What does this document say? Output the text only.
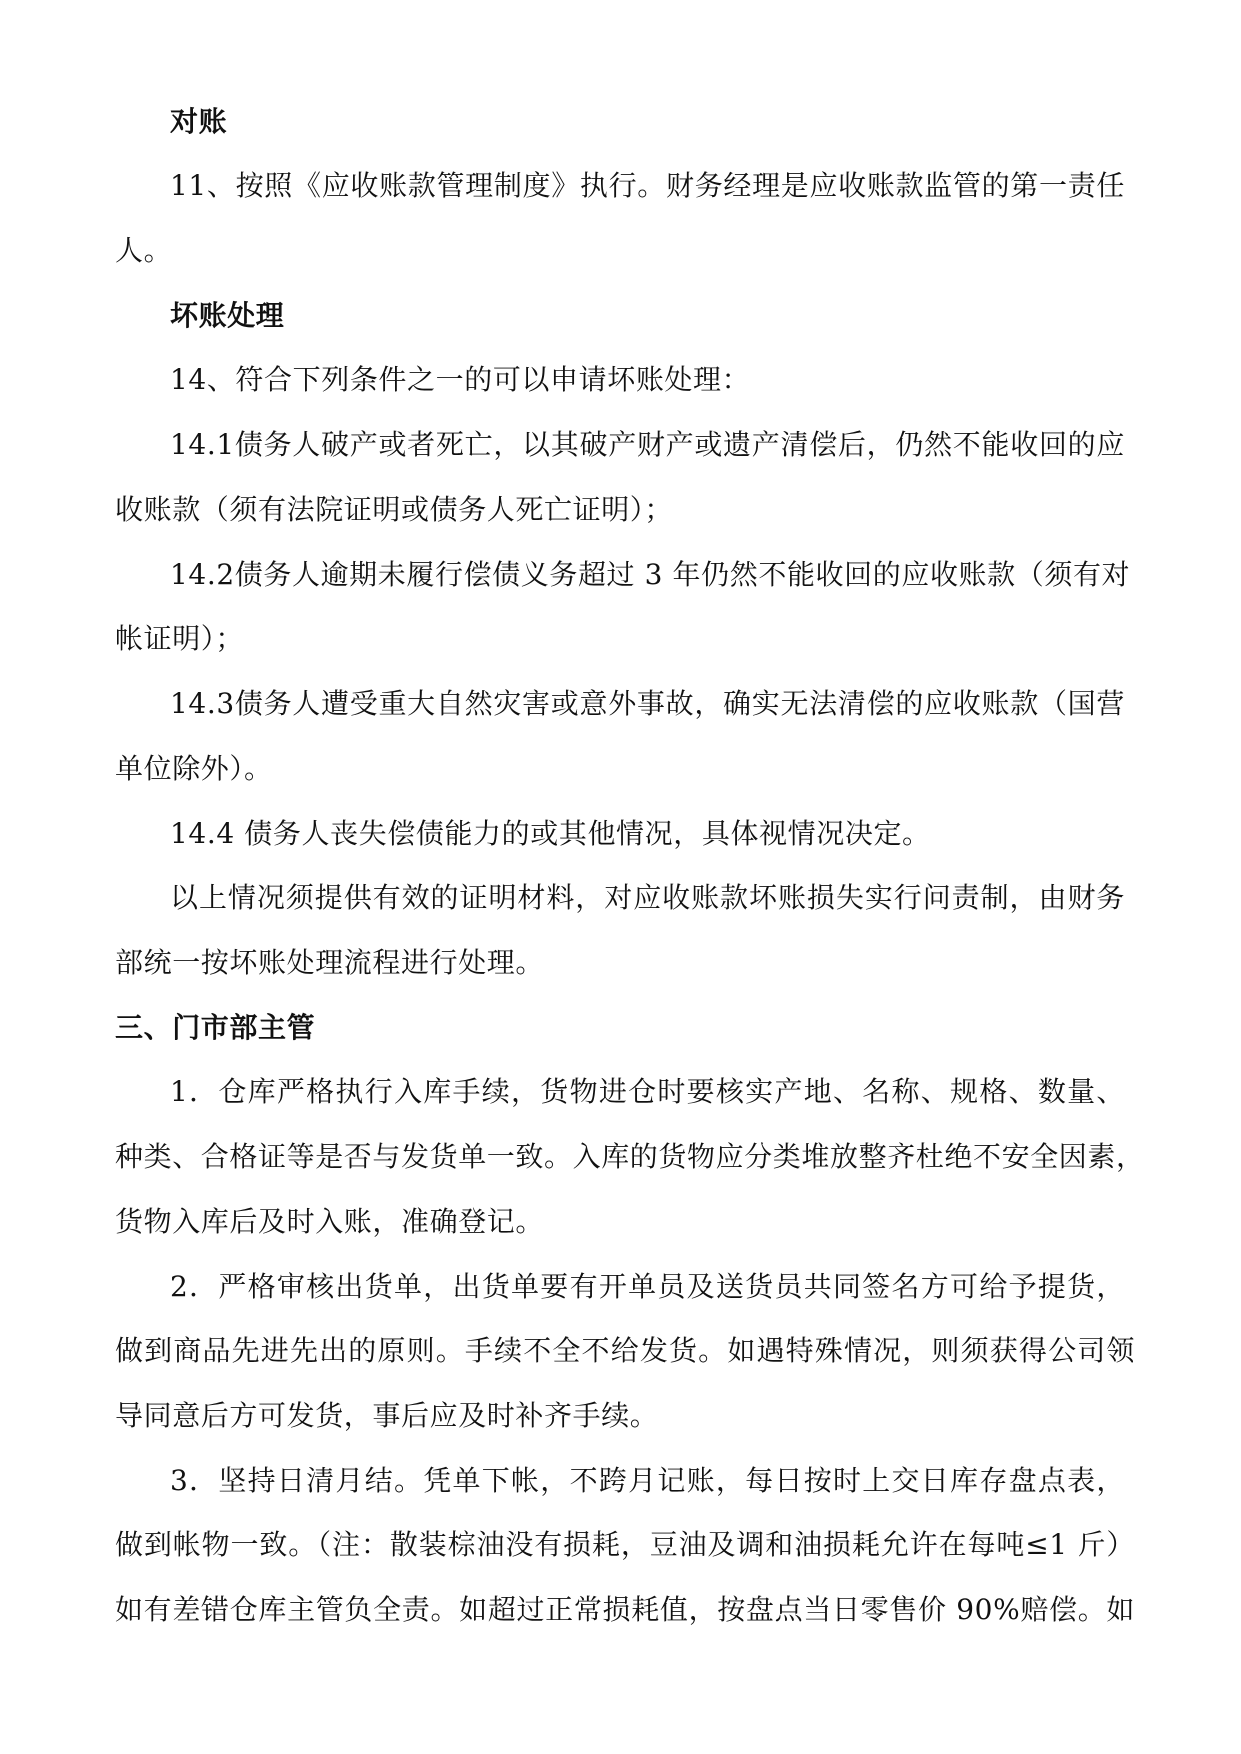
对账
11、按照《应收账款管理制度》执行。财务经理是应收账款监管的第一责任
人。
坏账处理
14、符合下列条件之一的可以申请坏账处理：
14.1债务人破产或者死亡，以其破产财产或遗产清偿后，仍然不能收回的应
收账款（须有法院证明或债务人死亡证明）；
14.2债务人逾期未履行偿债义务超过 3 年仍然不能收回的应收账款（须有对
帐证明）；
14.3债务人遭受重大自然灾害或意外事故，确实无法清偿的应收账款（国营
单位除外）。
14.4 债务人丧失偿债能力的或其他情况，具体视情况决定。
以上情况须提供有效的证明材料，对应收账款坏账损失实行问责制，由财务
部统一按坏账处理流程进行处理。
三、门市部主管
1．仓库严格执行入库手续，货物进仓时要核实产地、名称、规格、数量、
种类、合格证等是否与发货单一致。入库的货物应分类堆放整齐杜绝不安全因素，
货物入库后及时入账，准确登记。
2．严格审核出货单，出货单要有开单员及送货员共同签名方可给予提货，
做到商品先进先出的原则。手续不全不给发货。如遇特殊情况，则须获得公司领
导同意后方可发货，事后应及时补齐手续。
3．坚持日清月结。凭单下帐，不跨月记账，每日按时上交日库存盘点表，
做到帐物一致。（注：散装棕油没有损耗，豆油及调和油损耗允许在每吨≤1 斤）
如有差错仓库主管负全责。如超过正常损耗值，按盘点当日零售价 90%赔偿。如
